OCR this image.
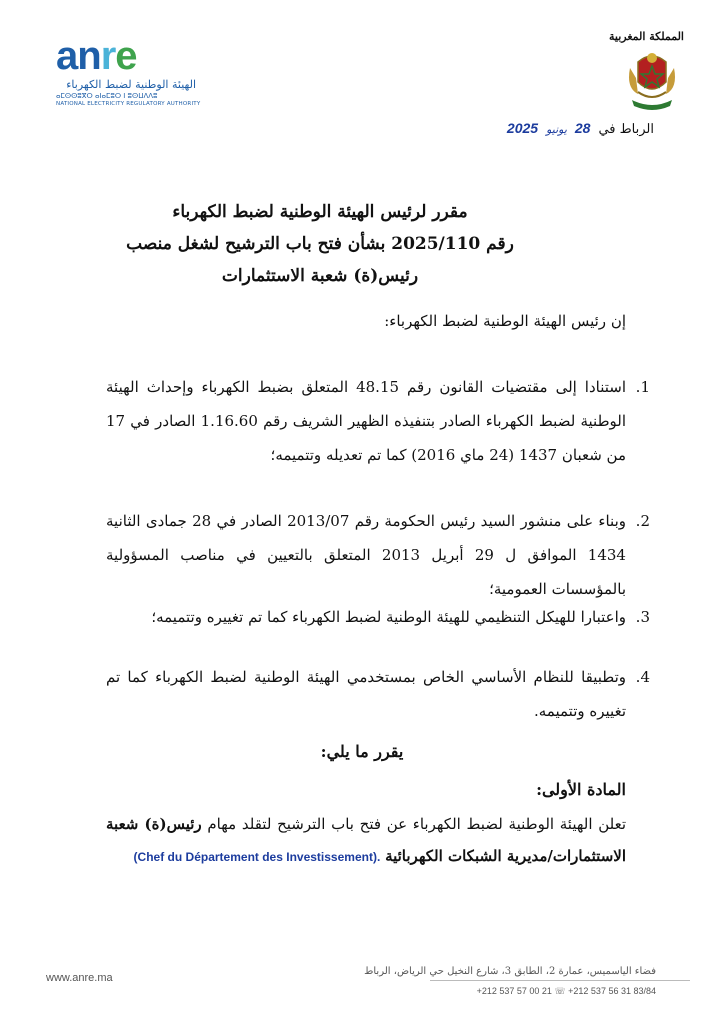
anre
الهيئة الوطنية لضبط الكهرباء
ⴰⵎⵙⵙⵓⴳⵔ ⴰⵏⴰⵎⵓⵔ ⵏ ⵓⵙⵡⴷⴷⵓ
NATIONAL ELECTRICITY REGULATORY AUTHORITY
المملكة المغربية
الرباط في
28
يونيو
2025
مقرر لرئيس الهيئة الوطنية لضبط الكهرباء
رقم 2025/110 بشأن فتح باب الترشيح لشغل منصب
رئيس(ة) شعبة الاستثمارات
إن رئيس الهيئة الوطنية لضبط الكهرباء:
1.
استنادا إلى مقتضيات القانون رقم 48.15 المتعلق بضبط الكهرباء وإحداث الهيئة الوطنية لضبط الكهرباء الصادر بتنفيذه الظهير الشريف رقم 1.16.60 الصادر في 17 من شعبان 1437 (24 ماي 2016) كما تم تعديله وتتميمه؛
2.
وبناء على منشور السيد رئيس الحكومة رقم 2013/07 الصادر في 28 جمادى الثانية 1434 الموافق ل 29 أبريل 2013 المتعلق بالتعيين في مناصب المسؤولية بالمؤسسات العمومية؛
3.
واعتبارا للهيكل التنظيمي للهيئة الوطنية لضبط الكهرباء كما تم تغييره وتتميمه؛
4.
وتطبيقا للنظام الأساسي الخاص بمستخدمي الهيئة الوطنية لضبط الكهرباء كما تم تغييره وتتميمه.
يقرر ما يلي:
المادة الأولى:
تعلن الهيئة الوطنية لضبط الكهرباء عن فتح باب الترشيح لتقلد مهام رئيس(ة) شعبة الاستثمارات/مديرية الشبكات الكهربائية (Chef du Département des Investissement).
www.anre.ma
فضاء الياسميس، عمارة 2، الطابق 3، شارع النخيل حي الرياض، الرباط
+212 537 57 00 21 ☏ +212 537 56 31 83/84
